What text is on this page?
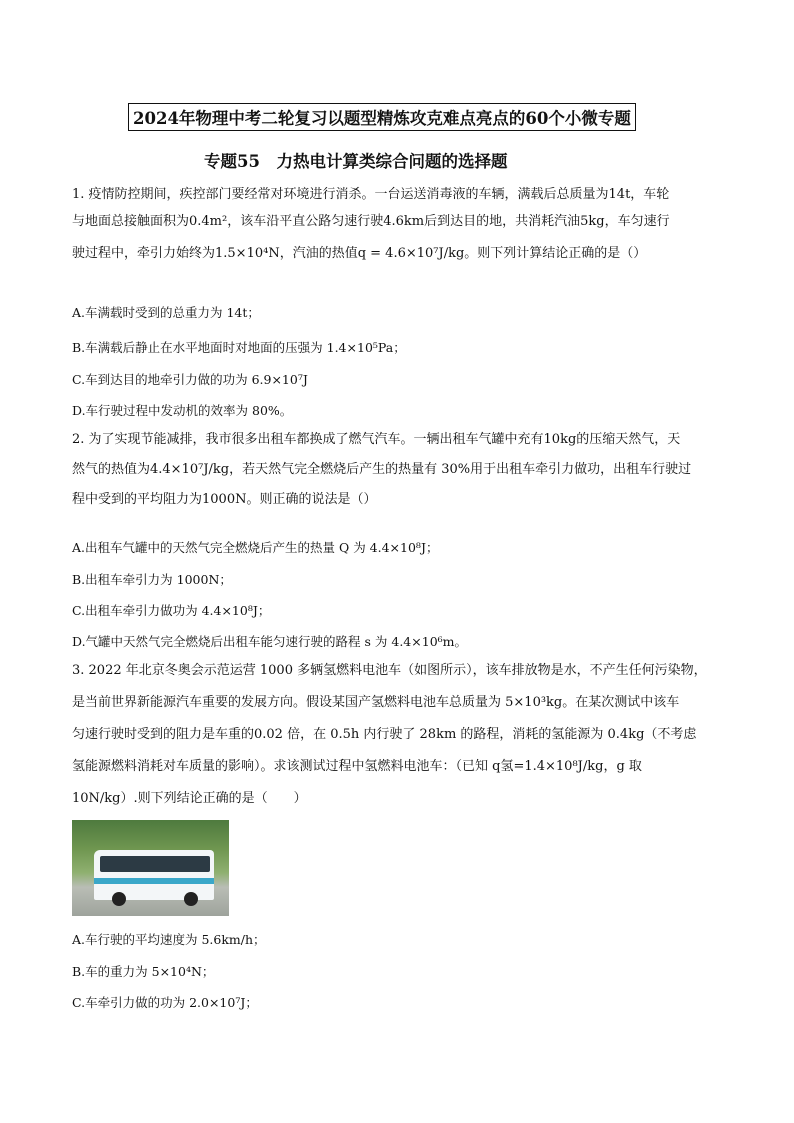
2024年物理中考二轮复习以题型精炼攻克难点亮点的60个小微专题
专题55　力热电计算类综合问题的选择题
1. 疫情防控期间，疾控部门要经常对环境进行消杀。一台运送消毒液的车辆，满载后总质量为14t，车轮
与地面总接触面积为0.4m²，该车沿平直公路匀速行驶4.6km后到达目的地，共消耗汽油5kg，车匀速行
驶过程中，牵引力始终为1.5×10⁴N，汽油的热值q = 4.6×10⁷J/kg。则下列计算结论正确的是（）
A.车满载时受到的总重力为 14t；
B.车满载后静止在水平地面时对地面的压强为 1.4×10⁵Pa；
C.车到达目的地牵引力做的功为 6.9×10⁷J
D.车行驶过程中发动机的效率为 80%。
2. 为了实现节能减排，我市很多出租车都换成了燃气汽车。一辆出租车气罐中充有10kg的压缩天然气，天
然气的热值为4.4×10⁷J/kg，若天然气完全燃烧后产生的热量有 30%用于出租车牵引力做功，出租车行驶过
程中受到的平均阻力为1000N。则正确的说法是（）
A.出租车气罐中的天然气完全燃烧后产生的热量 Q 为 4.4×10⁸J；
B.出租车牵引力为 1000N；
C.出租车牵引力做功为 4.4×10⁸J；
D.气罐中天然气完全燃烧后出租车能匀速行驶的路程 s 为 4.4×10⁶m。
3. 2022 年北京冬奥会示范运营 1000 多辆氢燃料电池车（如图所示），该车排放物是水，不产生任何污染物，
是当前世界新能源汽车重要的发展方向。假设某国产氢燃料电池车总质量为 5×10³kg。在某次测试中该车
匀速行驶时受到的阻力是车重的0.02 倍，在 0.5h 内行驶了 28km 的路程，消耗的氢能源为 0.4kg（不考虑
氢能源燃料消耗对车质量的影响）。求该测试过程中氢燃料电池车：（已知 q氢=1.4×10⁸J/kg，g 取
10N/kg）.则下列结论正确的是（　　）
A.车行驶的平均速度为 5.6km/h；
B.车的重力为 5×10⁴N；
C.车牵引力做的功为 2.0×10⁷J；
